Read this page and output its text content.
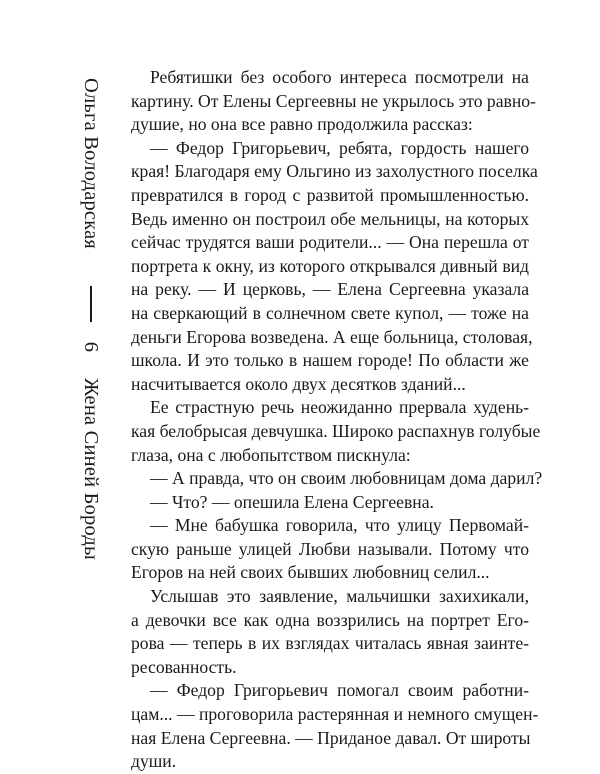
Ольга Володарская
6
Жена Синей Бороды
Ребятишки без особого интереса посмотрели на
картину. От Елены Сергеевны не укрылось это равно-
душие, но она все равно продолжила рассказ:
— Федор Григорьевич, ребята, гордость нашего
края! Благодаря ему Ольгино из захолустного поселка
превратился в город с развитой промышленностью.
Ведь именно он построил обе мельницы, на которых
сейчас трудятся ваши родители... — Она перешла от
портрета к окну, из которого открывался дивный вид
на реку. — И церковь, — Елена Сергеевна указала
на сверкающий в солнечном свете купол, — тоже на
деньги Егорова возведена. А еще больница, столовая,
школа. И это только в нашем городе! По области же
насчитывается около двух десятков зданий...
Ее страстную речь неожиданно прервала худень-
кая белобрысая девчушка. Широко распахнув голубые
глаза, она с любопытством пискнула:
— А правда, что он своим любовницам дома дарил?
— Что? — опешила Елена Сергеевна.
— Мне бабушка говорила, что улицу Первомай-
скую раньше улицей Любви называли. Потому что
Егоров на ней своих бывших любовниц селил...
Услышав это заявление, мальчишки захихикали,
а девочки все как одна воззрились на портрет Его-
рова — теперь в их взглядах читалась явная заинте-
ресованность.
— Федор Григорьевич помогал своим работни-
цам... — проговорила растерянная и немного смущен-
ная Елена Сергеевна. — Приданое давал. От широты
души.
